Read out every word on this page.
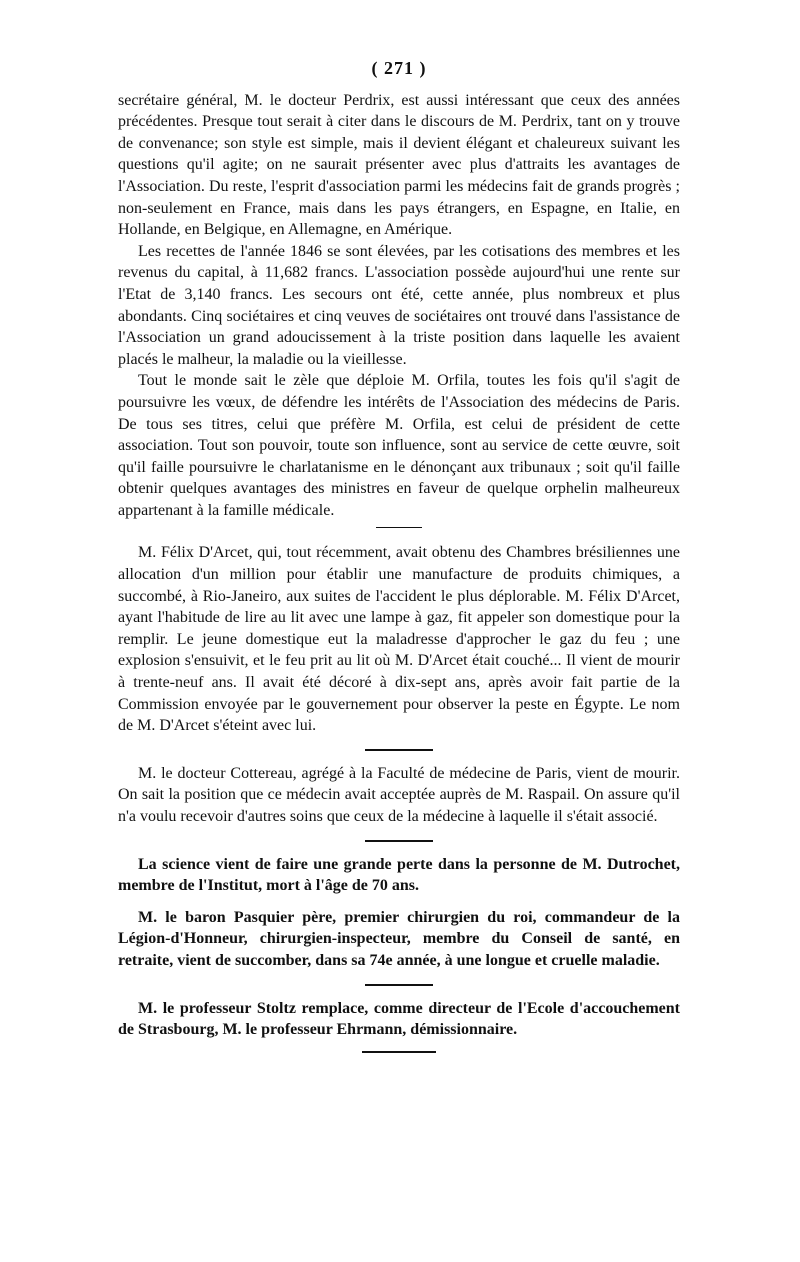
( 271 )

secrétaire général, M. le docteur Perdrix, est aussi intéressant que ceux des années précédentes. Presque tout serait à citer dans le discours de M. Perdrix, tant on y trouve de convenance; son style est simple, mais il devient élégant et chaleureux suivant les questions qu'il agite; on ne saurait présenter avec plus d'attraits les avantages de l'Association. Du reste, l'esprit d'association parmi les médecins fait de grands progrès ; non-seulement en France, mais dans les pays étrangers, en Espagne, en Italie, en Hollande, en Belgique, en Allemagne, en Amérique.

Les recettes de l'année 1846 se sont élevées, par les cotisations des membres et les revenus du capital, à 11,682 francs. L'association possède aujourd'hui une rente sur l'Etat de 3,140 francs. Les secours ont été, cette année, plus nombreux et plus abondants. Cinq sociétaires et cinq veuves de sociétaires ont trouvé dans l'assistance de l'Association un grand adoucissement à la triste position dans laquelle les avaient placés le malheur, la maladie ou la vieillesse.

Tout le monde sait le zèle que déploie M. Orfila, toutes les fois qu'il s'agit de poursuivre les vœux, de défendre les intérêts de l'Association des médecins de Paris. De tous ses titres, celui que préfère M. Orfila, est celui de président de cette association. Tout son pouvoir, toute son influence, sont au service de cette œuvre, soit qu'il faille poursuivre le charlatanisme en le dénonçant aux tribunaux ; soit qu'il faille obtenir quelques avantages des ministres en faveur de quelque orphelin malheureux appartenant à la famille médicale.

M. Félix D'Arcet, qui, tout récemment, avait obtenu des Chambres brésiliennes une allocation d'un million pour établir une manufacture de produits chimiques, a succombé, à Rio-Janeiro, aux suites de l'accident le plus déplorable. M. Félix D'Arcet, ayant l'habitude de lire au lit avec une lampe à gaz, fit appeler son domestique pour la remplir. Le jeune domestique eut la maladresse d'approcher le gaz du feu ; une explosion s'ensuivit, et le feu prit au lit où M. D'Arcet était couché... Il vient de mourir à trente-neuf ans. Il avait été décoré à dix-sept ans, après avoir fait partie de la Commission envoyée par le gouvernement pour observer la peste en Égypte. Le nom de M. D'Arcet s'éteint avec lui.

M. le docteur Cottereau, agrégé à la Faculté de médecine de Paris, vient de mourir. On sait la position que ce médecin avait acceptée auprès de M. Raspail. On assure qu'il n'a voulu recevoir d'autres soins que ceux de la médecine à laquelle il s'était associé.

La science vient de faire une grande perte dans la personne de M. Dutrochet, membre de l'Institut, mort à l'âge de 70 ans.

M. le baron Pasquier père, premier chirurgien du roi, commandeur de la Légion-d'Honneur, chirurgien-inspecteur, membre du Conseil de santé, en retraite, vient de succomber, dans sa 74e année, à une longue et cruelle maladie.

M. le professeur Stoltz remplace, comme directeur de l'Ecole d'accouchement de Strasbourg, M. le professeur Ehrmann, démissionnaire.
